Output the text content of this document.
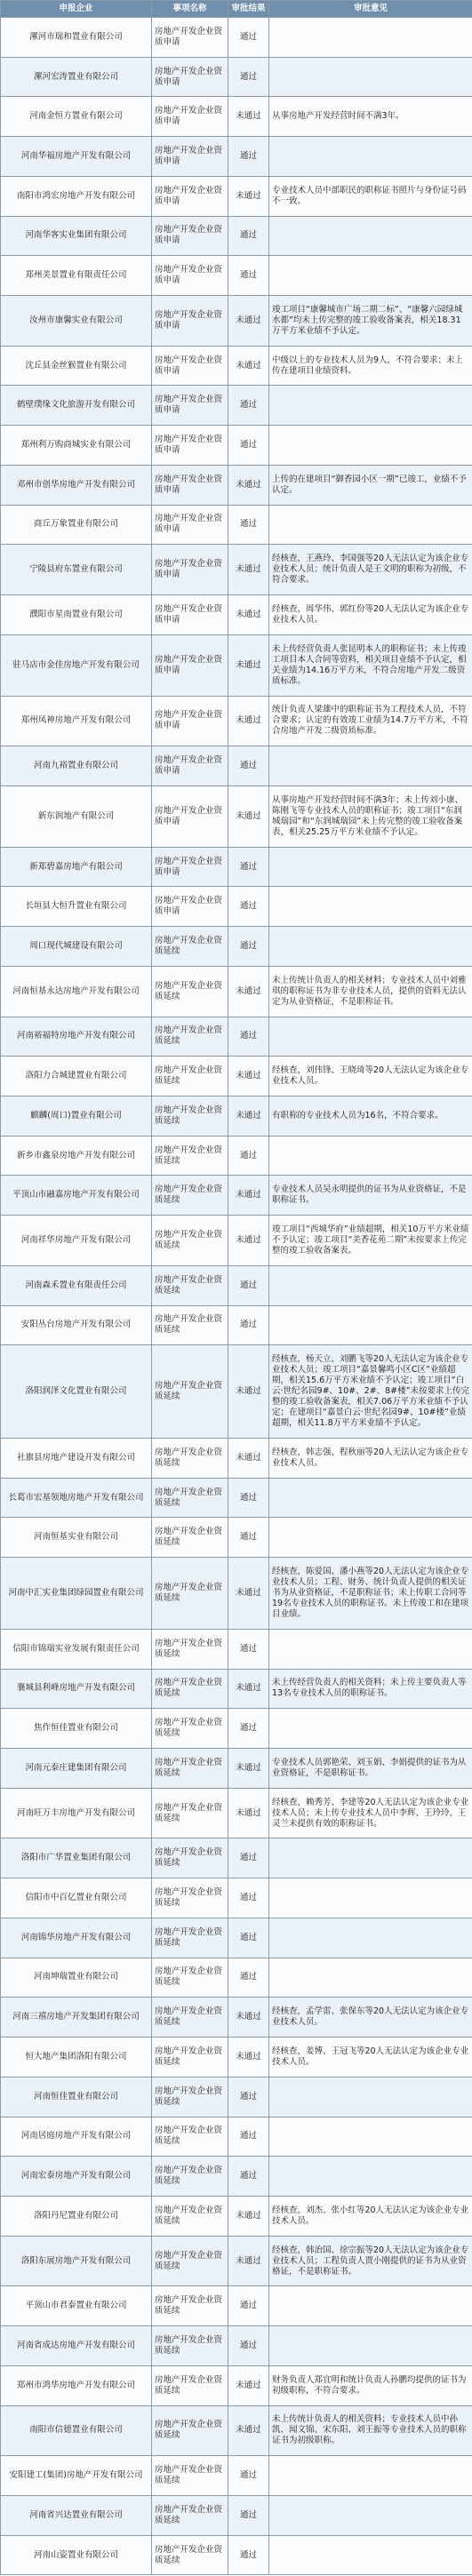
申报企业	事项名称	审批结果	审批意见
漯河市瑞和置业有限公司	房地产开发企业资质申请	通过	
漯河宏涛置业有限公司	房地产开发企业资质申请	通过	
河南金恒方置业有限公司	房地产开发企业资质申请	未通过	从事房地产开发经营时间不满3年。
河南华福房地产开发有限公司	房地产开发企业资质申请	通过	
南阳市鸿宏房地产开发有限公司	房地产开发企业资质申请	未通过	专业技术人员中部职民的职称证书照片与身份证号码不一致。
河南华客实业集团有限公司	房地产开发企业资质申请	通过	
郑州美景置业有限责任公司	房地产开发企业资质申请	通过	
汝州市康馨实业有限公司	房地产开发企业资质申请	未通过	竣工项目“康馨城市广场二期二标”、“康馨六园绿城水都”均未上传完整的竣工验收备案表，相关18.31万平方米业绩不予认定。
沈丘县金丝猴置业有限公司	房地产开发企业资质申请	未通过	中级以上的专业技术人员为9人，不符合要求；未上传在建项目业绩资料。
鹤壁璞缘文化旅游开发有限公司	房地产开发企业资质申请	通过	
郑州利万购商城实业有限公司	房地产开发企业资质申请	通过	
邓州市创华房地产开发有限公司	房地产开发企业资质申请	未通过	上传的在建项目“御香园小区一期”已竣工，业绩不予认定。
商丘万象置业有限公司	房地产开发企业资质申请	通过	
宁陵县府东置业有限公司	房地产开发企业资质申请	未通过	经核查，王燕玲、李国强等20人无法认定为该企业专业技术人员；统计负责人是王文明的职称为初级，不符合要求。
濮阳市星南置业有限公司	房地产开发企业资质申请	未通过	经核查，周华伟、郭红份等20人无法认定为该企业专业技术人员。
驻马店市金佳房地产开发有限公司	房地产开发企业资质申请	未通过	未上传经营负责人张昆明本人的职称证书；未上传竣工项目本人合同等资料，相关项目业绩不予认定，相关业绩为14.16万平方米，不符合房地产开发二级资质标准。
郑州凤神房地产开发有限公司	房地产开发企业资质申请	未通过	统计负责人梁雄中的职称证书为工程技术人员，不符合要求；认定的有效竣工业绩为14.7万平方米，不符合房地产开发二级资质标准。
河南九裕置业有限公司	房地产开发企业资质申请	通过	
新东润地产有限公司	房地产开发企业资质申请	未通过	从事房地产开发经营时间不满3年；未上传刘小康、陈刚飞等专业技术人员的职称证书；竣工项目“东润城瑞园”和“东润城瑞园”未上传完整的竣工验收备案表，相关25.25万平方米业绩不予认定。
新郑碧嘉房地产有限公司	房地产开发企业资质申请	通过	
长垣县大恒升置业有限公司	房地产开发企业资质申请	通过	
周口现代城建设有限公司	房地产开发企业资质延续	通过	
河南恒基永达房地产开发有限公司	房地产开发企业资质延续	未通过	未上传统计负责人的相关材料；专业技术人员中刘雅琪的职称证书为非专业技术人员，提供的资料无法认定为从业资格证，不是职称证书。
河南裕福特房地产开发有限公司	房地产开发企业资质延续	通过	
洛阳力合城建置业有限公司	房地产开发企业资质延续	未通过	经核查，刘伟锋、王晓琦等20人无法认定为该企业专业技术人员。
麒麟(周口)置业有限公司	房地产开发企业资质延续	未通过	有职称的专业技术人员为16名，不符合要求。
新乡市鑫泉房地产开发有限公司	房地产开发企业资质延续	通过	
平顶山市融嘉房地产开发有限公司	房地产开发企业资质延续	未通过	专业技术人员吴永明提供的证书为从业资格证，不是职称证书。
河南祥华房地产开发有限公司	房地产开发企业资质延续	未通过	竣工项目“西城华府”业绩超期，相关10万平方米业绩不予认定；竣工项目“美香花苑二期”未按要求上传完整的竣工验收备案表。
河南森禾置业有限责任公司	房地产开发企业资质延续	通过	
安阳丛台房地产开发有限公司	房地产开发企业资质延续	通过	
洛阳润泽文化置业有限公司	房地产开发企业资质延续	未通过	经核查，杨天立、刘鹏飞等20人无法认定为该企业专业技术人员；竣工项目“嘉景馨鸣小区C区”业绩超期，相关15.6万平方米业绩不予认定；竣工项目“白云·世纪名园9#、10#、2#、8#楼”未按要求上传完整的竣工验收备案表，相关7.06万平方米业绩不予认定；在建项目“嘉景白云·世纪名园9#、10#楼”业绩超期，相关11.8万平方米业绩不予认定。
社旗县房地产建设开发有限公司	房地产开发企业资质延续	未通过	经核查，韩志强、程秋丽等20人无法认定为该企业专业技术人员。
长葛市宏基领地房地产开发有限公司	房地产开发企业资质延续	通过	
河南恒基实业有限公司	房地产开发企业资质延续	通过	
河南中汇实业集团绿园置业有限公司	房地产开发企业资质延续	未通过	经核查，陈爱国、潘小燕等20人无法认定为该企业专业技术人员；工程、财务、统计负责人提供的相关证书为从业资格证，不是职称证书；未上传职工合同等19名专业技术人员的职称证书。未上传竣工和在建项目业绩。
信阳市锦瑞实业发展有限责任公司	房地产开发企业资质延续	通过	
襄城县利峰房地产开发有限公司	房地产开发企业资质延续	未通过	未上传经营负责人的相关资料；未上传主要负责人等13名专业技术人员的职称证书。
焦作恒佳置业有限公司	房地产开发企业资质延续	通过	
河南元泰庄建集团有限公司	房地产开发企业资质延续	未通过	专业技术人员郭艳荣、刘玉娟、李娟提供的证书为从业资格证，不是职称证书。
河南旺万丰房地产开发有限公司	房地产开发企业资质延续	未通过	经核查，赖秀芳、李建等20人无法认定为该企业专业技术人员；未上传专业技术人员中李辉、王玲玲、王灵兰未提供有效的职称证书。
洛阳市广华置业集团有限公司	房地产开发企业资质延续	通过	
信阳市中百亿置业有限公司	房地产开发企业资质延续	通过	
河南锦华房地产开发有限公司	房地产开发企业资质延续	通过	
河南坤瑞置业有限公司	房地产开发企业资质延续	通过	
河南三禧房地产开发集团有限公司	房地产开发企业资质延续	未通过	经核查，孟学雷、张保东等20人无法认定为该企业专业技术人员。
恒大地产集团洛阳有限公司	房地产开发企业资质延续	未通过	经核查，姜博、王冠飞等20人无法认定为该企业专业技术人员。
河南恒佳置业有限公司	房地产开发企业资质延续	通过	
河南居庭房地产开发有限公司	房地产开发企业资质延续	通过	
河南宏泰房地产开发有限公司	房地产开发企业资质延续	通过	
洛阳丹尼置业有限公司	房地产开发企业资质延续	未通过	经核查，刘杰、张小红等20人无法认定为该企业专业技术人员。
洛阳东展房地产开发有限公司	房地产开发企业资质延续	未通过	经核查，韩治国、徐宗振等20人无法认定为该企业专业技术人员；工程负责人贾小刚提供的证书为从业资格证，不是职称证书。
平顶山市君泰置业有限公司	房地产开发企业资质延续	通过	
河南省成达房地产开发有限公司	房地产开发企业资质延续	通过	
郑州市鸿华房地产开发有限公司	房地产开发企业资质延续	未通过	财务负责人郑宜明和统计负责人孙鹏均提供的证书为初级职称，不符合要求。
南阳市信德置业有限公司	房地产开发企业资质延续	未通过	未上传统计负责人的相关资料；专业技术人员中孙凯、闻文锦、宋东阳、刘王振等专业技术人员的职称证书为初级职称。
安阳建工(集团)房地产开发有限公司	房地产开发企业资质延续	通过	
河南省兴达置业有限公司	房地产开发企业资质延续	通过	
河南山姿置业有限公司	房地产开发企业资质延续	通过	
